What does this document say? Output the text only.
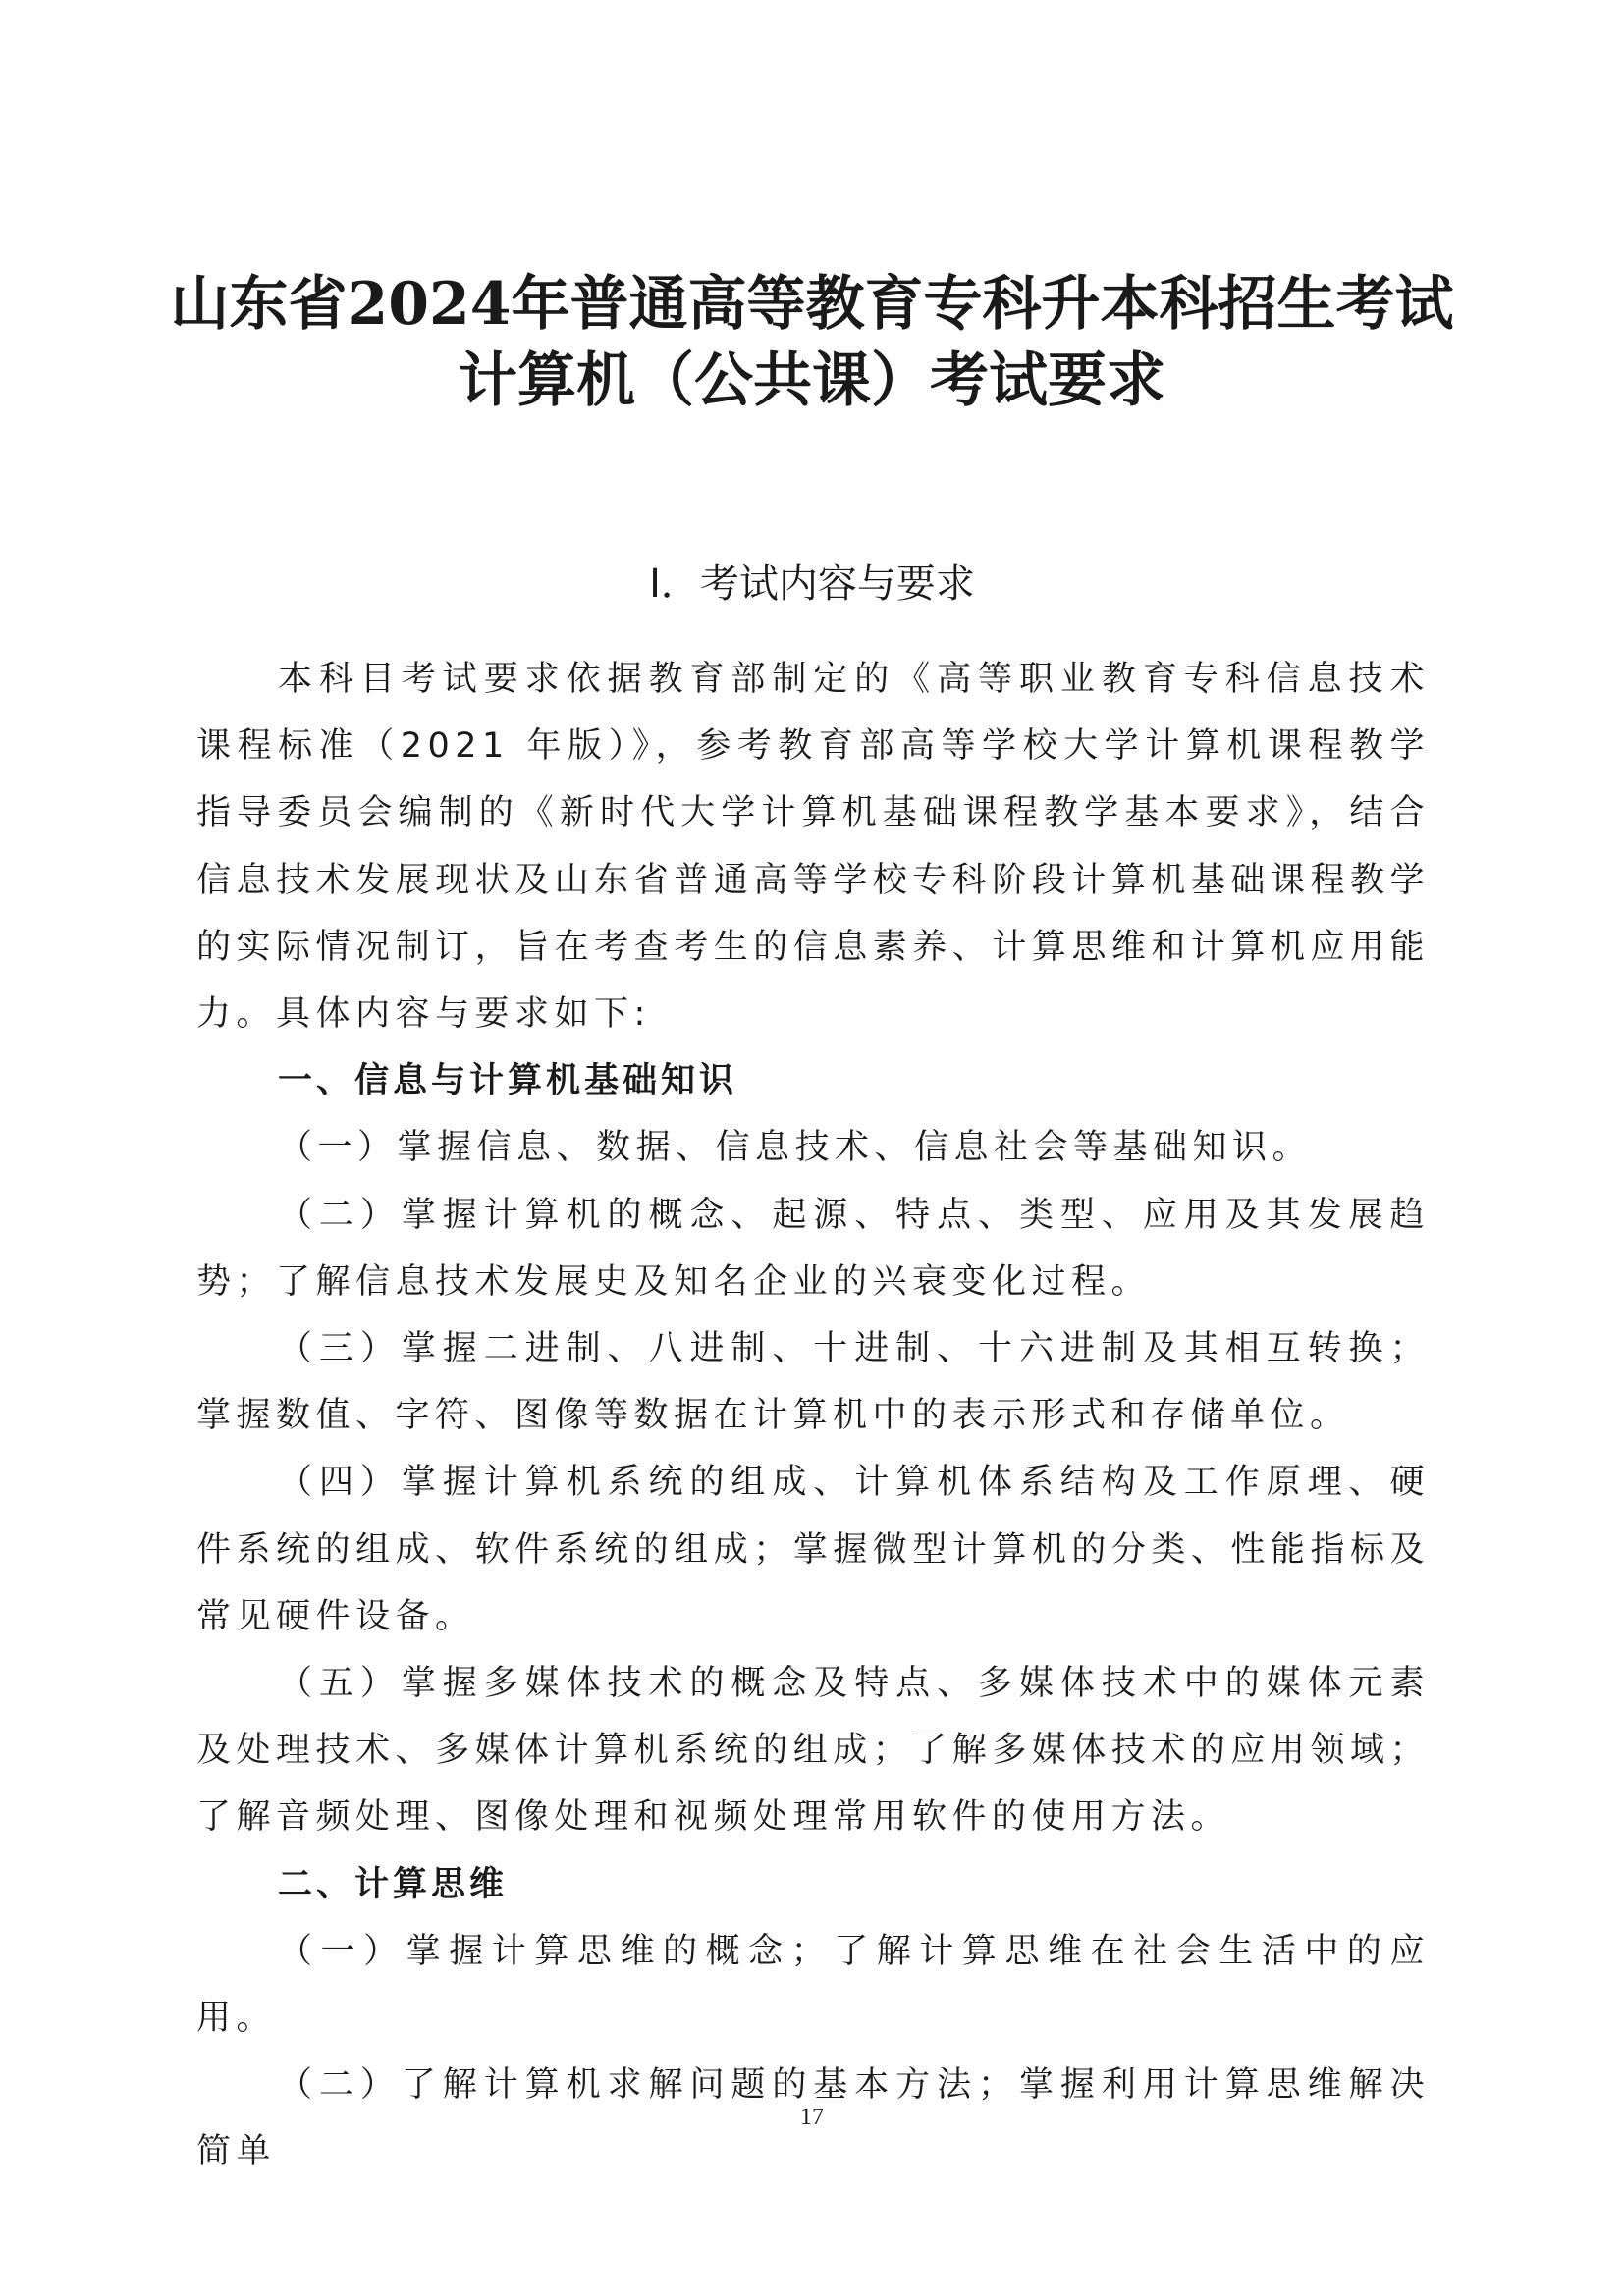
山东省2024年普通高等教育专科升本科招生考试
计算机（公共课）考试要求
Ⅰ．考试内容与要求

本科目考试要求依据教育部制定的《高等职业教育专科信息技术课程标准（2021 年版）》，参考教育部高等学校大学计算机课程教学指导委员会编制的《新时代大学计算机基础课程教学基本要求》，结合信息技术发展现状及山东省普通高等学校专科阶段计算机基础课程教学的实际情况制订，旨在考查考生的信息素养、计算思维和计算机应用能力。具体内容与要求如下:

一、信息与计算机基础知识

（一）掌握信息、数据、信息技术、信息社会等基础知识。

（二）掌握计算机的概念、起源、特点、类型、应用及其发展趋势；了解信息技术发展史及知名企业的兴衰变化过程。

（三）掌握二进制、八进制、十进制、十六进制及其相互转换；掌握数值、字符、图像等数据在计算机中的表示形式和存储单位。

（四）掌握计算机系统的组成、计算机体系结构及工作原理、硬件系统的组成、软件系统的组成；掌握微型计算机的分类、性能指标及常见硬件设备。

（五）掌握多媒体技术的概念及特点、多媒体技术中的媒体元素及处理技术、多媒体计算机系统的组成；了解多媒体技术的应用领域；了解音频处理、图像处理和视频处理常用软件的使用方法。

二、计算思维

（一）掌握计算思维的概念；了解计算思维在社会生活中的应用。

（二）了解计算机求解问题的基本方法；掌握利用计算思维解决简单

17
